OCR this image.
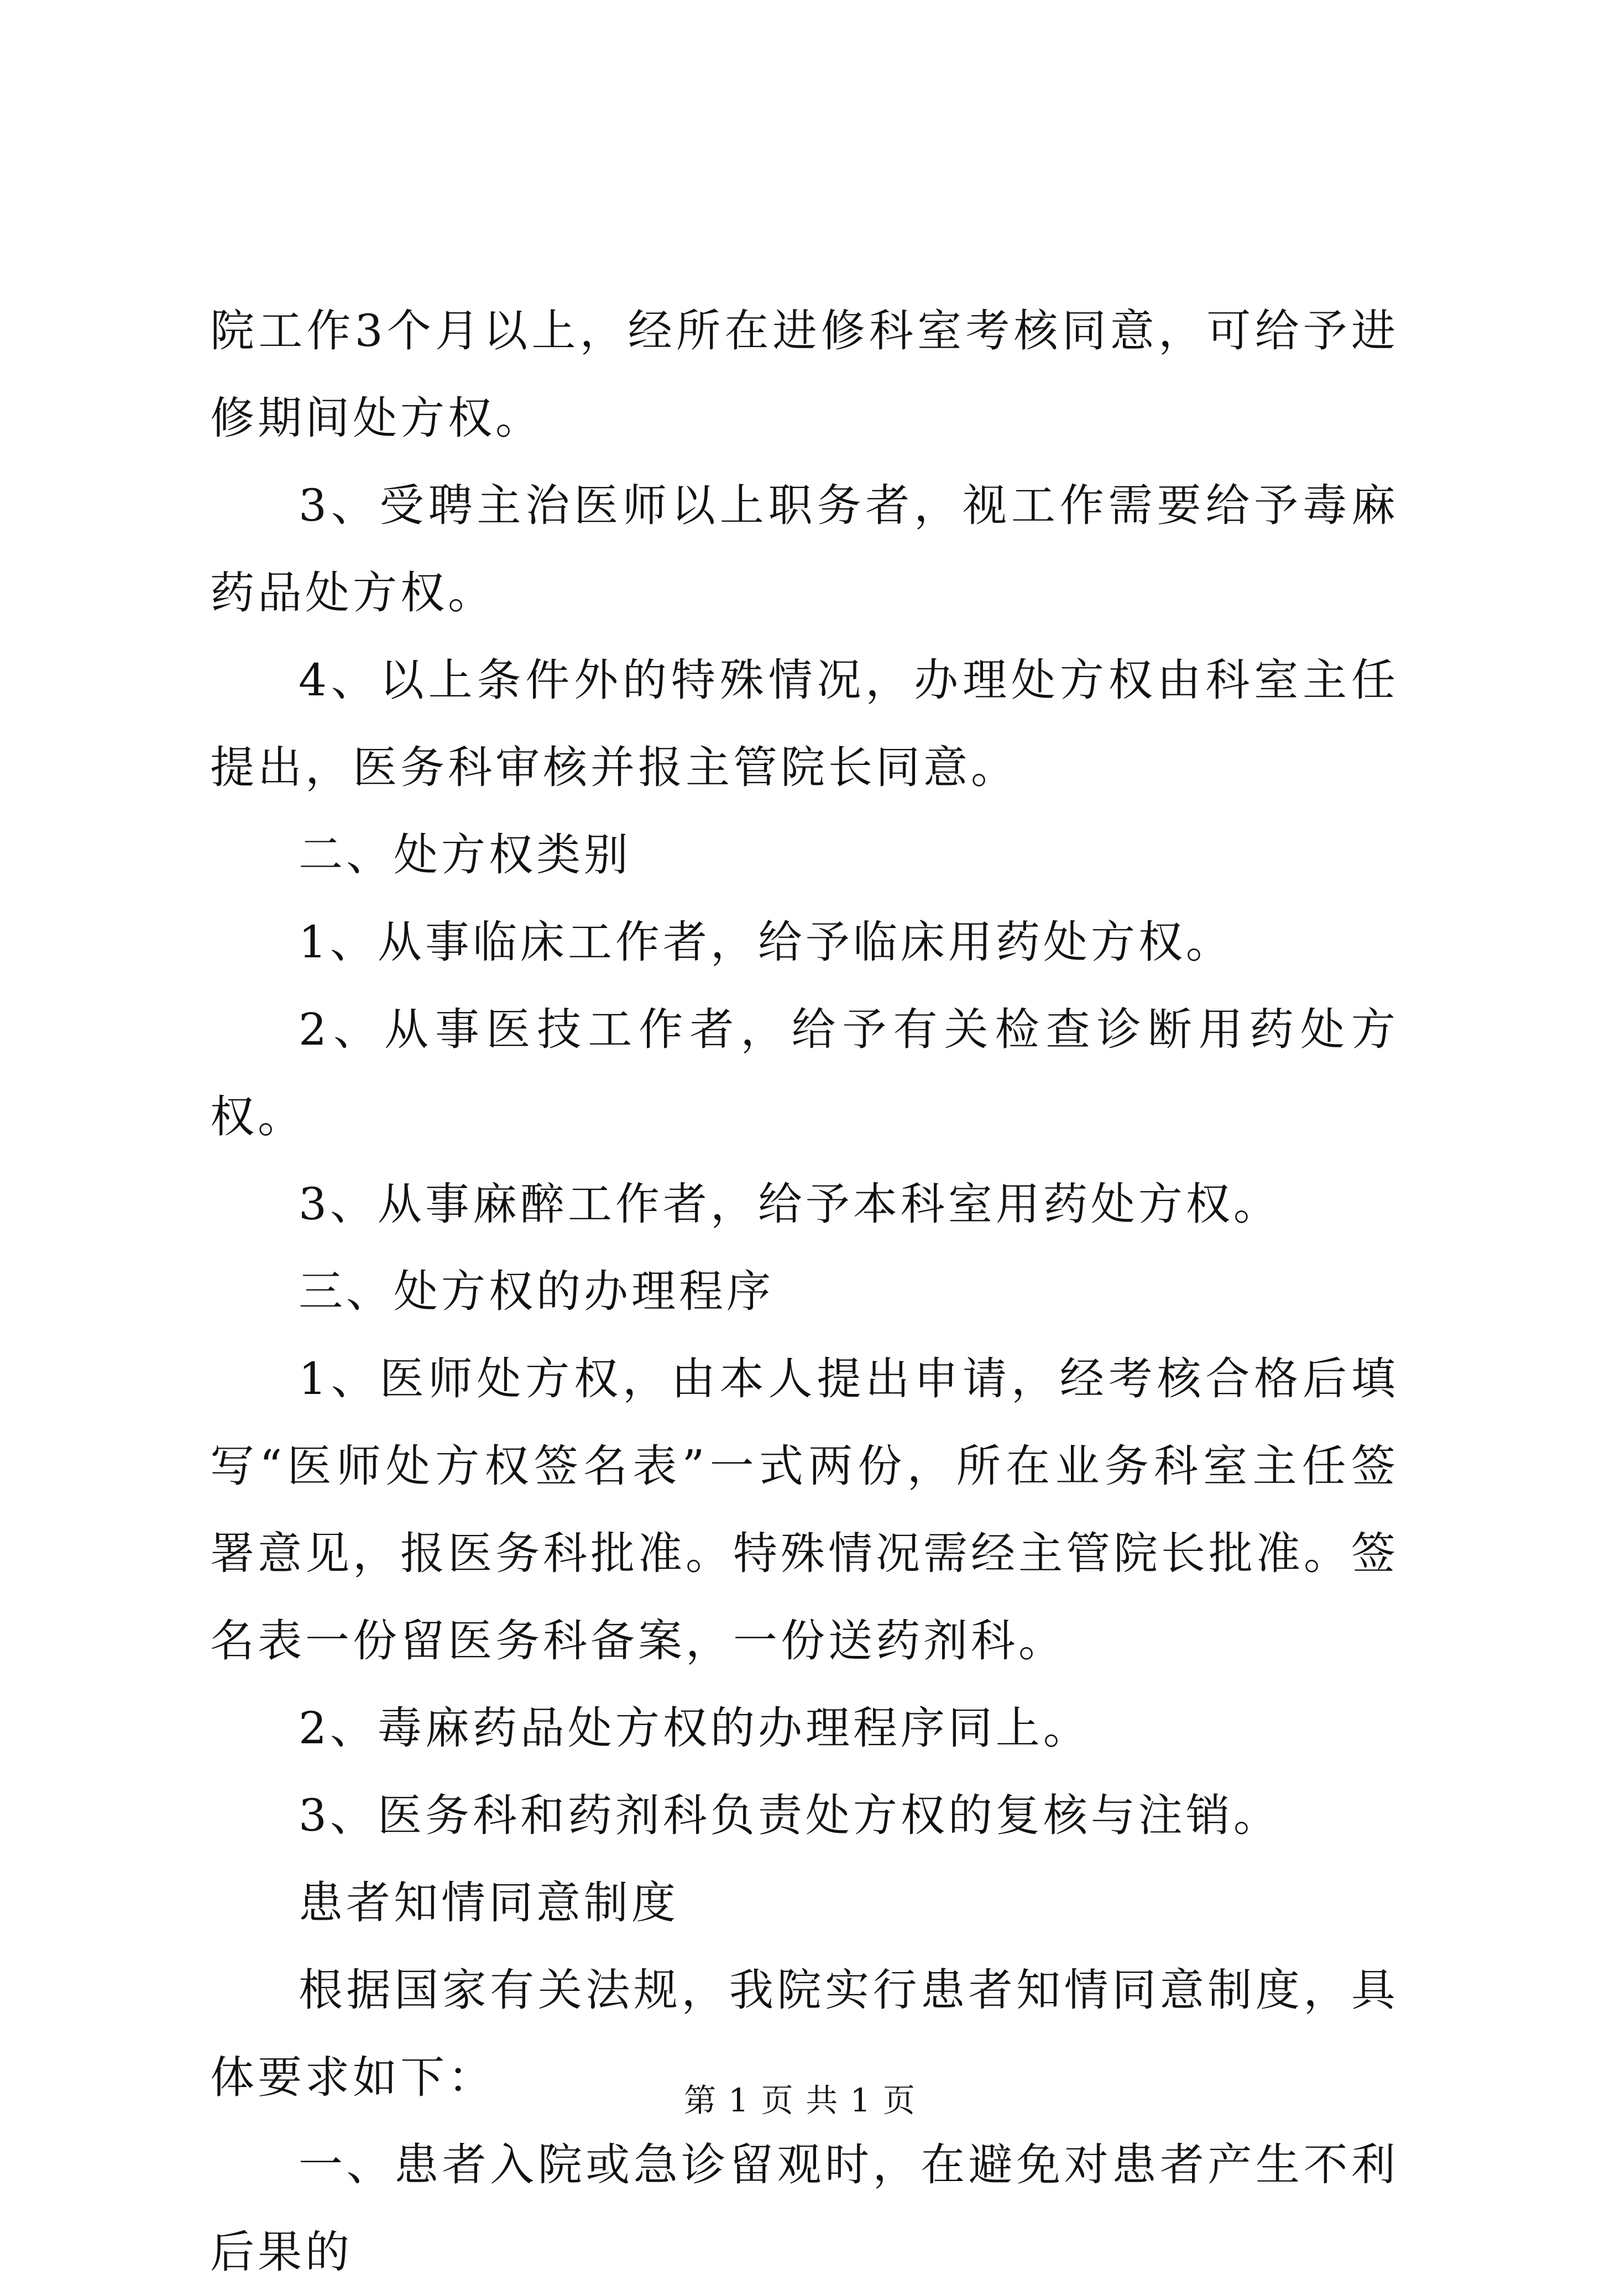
院工作3个月以上，经所在进修科室考核同意，可给予进修期间处方权。

3、受聘主治医师以上职务者，视工作需要给予毒麻药品处方权。

4、以上条件外的特殊情况，办理处方权由科室主任提出，医务科审核并报主管院长同意。

二、处方权类别

1、从事临床工作者，给予临床用药处方权。

2、从事医技工作者，给予有关检查诊断用药处方权。

3、从事麻醉工作者，给予本科室用药处方权。

三、处方权的办理程序

1、医师处方权，由本人提出申请，经考核合格后填写“医师处方权签名表”一式两份，所在业务科室主任签署意见，报医务科批准。特殊情况需经主管院长批准。签名表一份留医务科备案，一份送药剂科。

2、毒麻药品处方权的办理程序同上。

3、医务科和药剂科负责处方权的复核与注销。

患者知情同意制度

根据国家有关法规，我院实行患者知情同意制度，具体要求如下：

一、患者入院或急诊留观时，在避免对患者产生不利后果的

第 1 页 共 1 页
